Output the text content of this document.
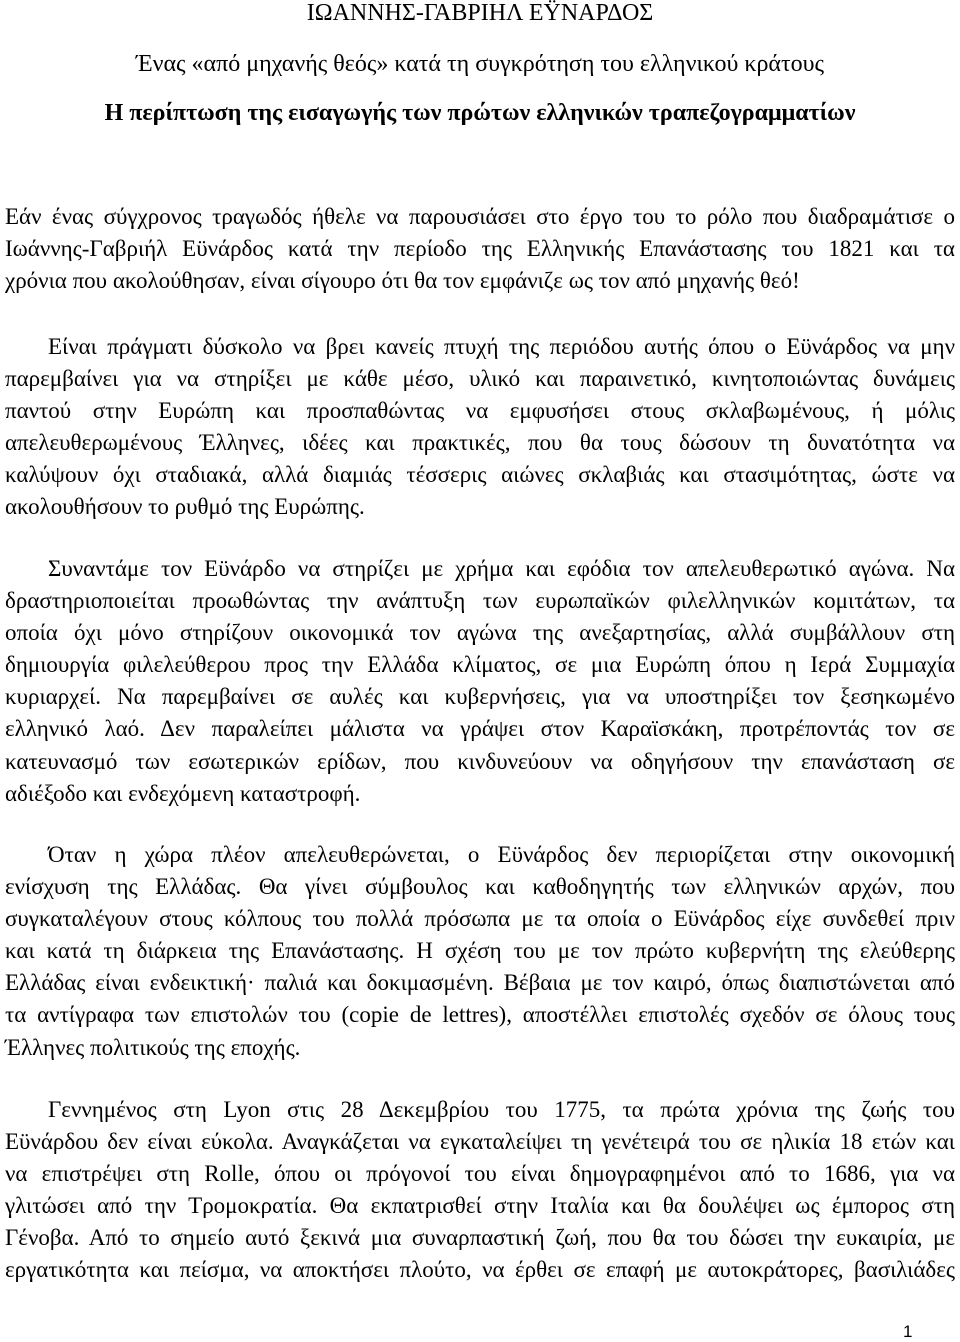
ΙΩΑΝΝΗΣ-ΓΑΒΡΙΗΛ ΕΫΝΑΡΔΟΣ
Ένας «από μηχανής θεός» κατά τη συγκρότηση του ελληνικού κράτους
Η περίπτωση της εισαγωγής των πρώτων ελληνικών τραπεζογραμματίων
Εάν ένας σύγχρονος τραγωδός ήθελε να παρουσιάσει στο έργο του το ρόλο που διαδραμάτισε ο
Ιωάννης-Γαβριήλ Εϋνάρδος κατά την περίοδο της Ελληνικής Επανάστασης του 1821 και τα
χρόνια που ακολούθησαν, είναι σίγουρο ότι θα τον εμφάνιζε ως τον από μηχανής θεό!
Είναι πράγματι δύσκολο να βρει κανείς πτυχή της περιόδου αυτής όπου ο Εϋνάρδος να μην
παρεμβαίνει για να στηρίξει με κάθε μέσο, υλικό και παραινετικό, κινητοποιώντας δυνάμεις
παντού στην Ευρώπη και προσπαθώντας να εμφυσήσει στους σκλαβωμένους, ή μόλις
απελευθερωμένους Έλληνες, ιδέες και πρακτικές, που θα τους δώσουν τη δυνατότητα να
καλύψουν όχι σταδιακά, αλλά διαμιάς τέσσερις αιώνες σκλαβιάς και στασιμότητας, ώστε να
ακολουθήσουν το ρυθμό της Ευρώπης.
Συναντάμε τον Εϋνάρδο να στηρίζει με χρήμα και εφόδια τον απελευθερωτικό αγώνα. Να
δραστηριοποιείται προωθώντας την ανάπτυξη των ευρωπαϊκών φιλελληνικών κομιτάτων, τα
οποία όχι μόνο στηρίζουν οικονομικά τον αγώνα της ανεξαρτησίας, αλλά συμβάλλουν στη
δημιουργία φιλελεύθερου προς την Ελλάδα κλίματος, σε μια Ευρώπη όπου η Ιερά Συμμαχία
κυριαρχεί. Να παρεμβαίνει σε αυλές και κυβερνήσεις, για να υποστηρίξει τον ξεσηκωμένο
ελληνικό λαό. Δεν παραλείπει μάλιστα να γράψει στον Καραϊσκάκη, προτρέποντάς τον σε
κατευνασμό των εσωτερικών ερίδων, που κινδυνεύουν να οδηγήσουν την επανάσταση σε
αδιέξοδο και ενδεχόμενη καταστροφή.
Όταν η χώρα πλέον απελευθερώνεται, ο Εϋνάρδος δεν περιορίζεται στην οικονομική
ενίσχυση της Ελλάδας. Θα γίνει σύμβουλος και καθοδηγητής των ελληνικών αρχών, που
συγκαταλέγουν στους κόλπους του πολλά πρόσωπα με τα οποία ο Εϋνάρδος είχε συνδεθεί πριν
και κατά τη διάρκεια της Επανάστασης. Η σχέση του με τον πρώτο κυβερνήτη της ελεύθερης
Ελλάδας είναι ενδεικτική· παλιά και δοκιμασμένη. Βέβαια με τον καιρό, όπως διαπιστώνεται από
τα αντίγραφα των επιστολών του (copie de lettres), αποστέλλει επιστολές σχεδόν σε όλους τους
Έλληνες πολιτικούς της εποχής.
Γεννημένος στη Lyon στις 28 Δεκεμβρίου του 1775, τα πρώτα χρόνια της ζωής του
Εϋνάρδου δεν είναι εύκολα. Αναγκάζεται να εγκαταλείψει τη γενέτειρά του σε ηλικία 18 ετών και
να επιστρέψει στη Rolle, όπου οι πρόγονοί του είναι δημογραφημένοι από το 1686, για να
γλιτώσει από την Τρομοκρατία. Θα εκπατρισθεί στην Ιταλία και θα δουλέψει ως έμπορος στη
Γένοβα. Από το σημείο αυτό ξεκινά μια συναρπαστική ζωή, που θα του δώσει την ευκαιρία, με
εργατικότητα και πείσμα, να αποκτήσει πλούτο, να έρθει σε επαφή με αυτοκράτορες, βασιλιάδες
1
